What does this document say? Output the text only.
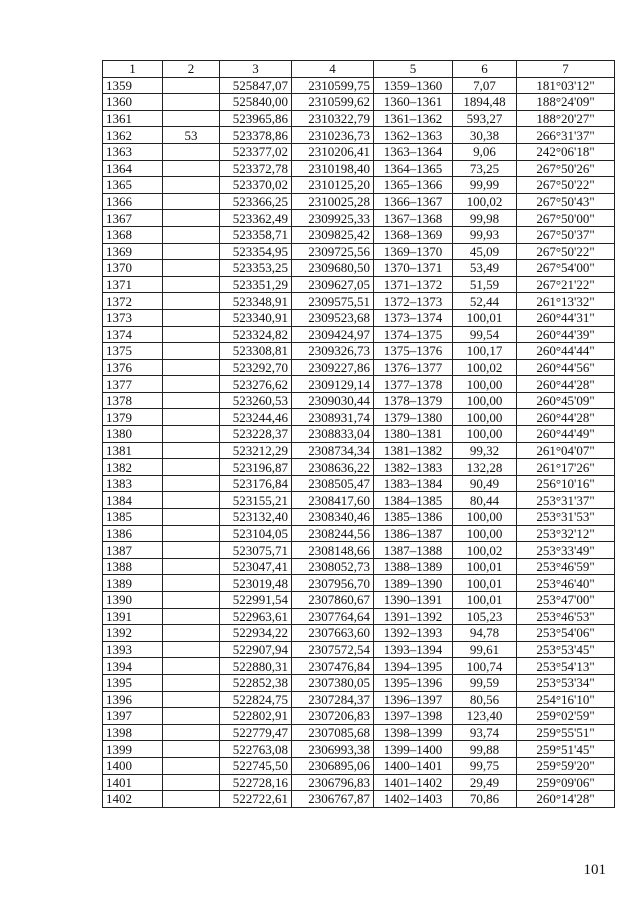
1	2	3	4	5	6	7
1359		525847,07	2310599,75	1359–1360	7,07	181°03'12"
1360		525840,00	2310599,62	1360–1361	1894,48	188°24'09"
1361		523965,86	2310322,79	1361–1362	593,27	188°20'27"
1362	53	523378,86	2310236,73	1362–1363	30,38	266°31'37"
1363		523377,02	2310206,41	1363–1364	9,06	242°06'18"
1364		523372,78	2310198,40	1364–1365	73,25	267°50'26"
1365		523370,02	2310125,20	1365–1366	99,99	267°50'22"
1366		523366,25	2310025,28	1366–1367	100,02	267°50'43"
1367		523362,49	2309925,33	1367–1368	99,98	267°50'00"
1368		523358,71	2309825,42	1368–1369	99,93	267°50'37"
1369		523354,95	2309725,56	1369–1370	45,09	267°50'22"
1370		523353,25	2309680,50	1370–1371	53,49	267°54'00"
1371		523351,29	2309627,05	1371–1372	51,59	267°21'22"
1372		523348,91	2309575,51	1372–1373	52,44	261°13'32"
1373		523340,91	2309523,68	1373–1374	100,01	260°44'31"
1374		523324,82	2309424,97	1374–1375	99,54	260°44'39"
1375		523308,81	2309326,73	1375–1376	100,17	260°44'44"
1376		523292,70	2309227,86	1376–1377	100,02	260°44'56"
1377		523276,62	2309129,14	1377–1378	100,00	260°44'28"
1378		523260,53	2309030,44	1378–1379	100,00	260°45'09"
1379		523244,46	2308931,74	1379–1380	100,00	260°44'28"
1380		523228,37	2308833,04	1380–1381	100,00	260°44'49"
1381		523212,29	2308734,34	1381–1382	99,32	261°04'07"
1382		523196,87	2308636,22	1382–1383	132,28	261°17'26"
1383		523176,84	2308505,47	1383–1384	90,49	256°10'16"
1384		523155,21	2308417,60	1384–1385	80,44	253°31'37"
1385		523132,40	2308340,46	1385–1386	100,00	253°31'53"
1386		523104,05	2308244,56	1386–1387	100,00	253°32'12"
1387		523075,71	2308148,66	1387–1388	100,02	253°33'49"
1388		523047,41	2308052,73	1388–1389	100,01	253°46'59"
1389		523019,48	2307956,70	1389–1390	100,01	253°46'40"
1390		522991,54	2307860,67	1390–1391	100,01	253°47'00"
1391		522963,61	2307764,64	1391–1392	105,23	253°46'53"
1392		522934,22	2307663,60	1392–1393	94,78	253°54'06"
1393		522907,94	2307572,54	1393–1394	99,61	253°53'45"
1394		522880,31	2307476,84	1394–1395	100,74	253°54'13"
1395		522852,38	2307380,05	1395–1396	99,59	253°53'34"
1396		522824,75	2307284,37	1396–1397	80,56	254°16'10"
1397		522802,91	2307206,83	1397–1398	123,40	259°02'59"
1398		522779,47	2307085,68	1398–1399	93,74	259°55'51"
1399		522763,08	2306993,38	1399–1400	99,88	259°51'45"
1400		522745,50	2306895,06	1400–1401	99,75	259°59'20"
1401		522728,16	2306796,83	1401–1402	29,49	259°09'06"
1402		522722,61	2306767,87	1402–1403	70,86	260°14'28"
101
